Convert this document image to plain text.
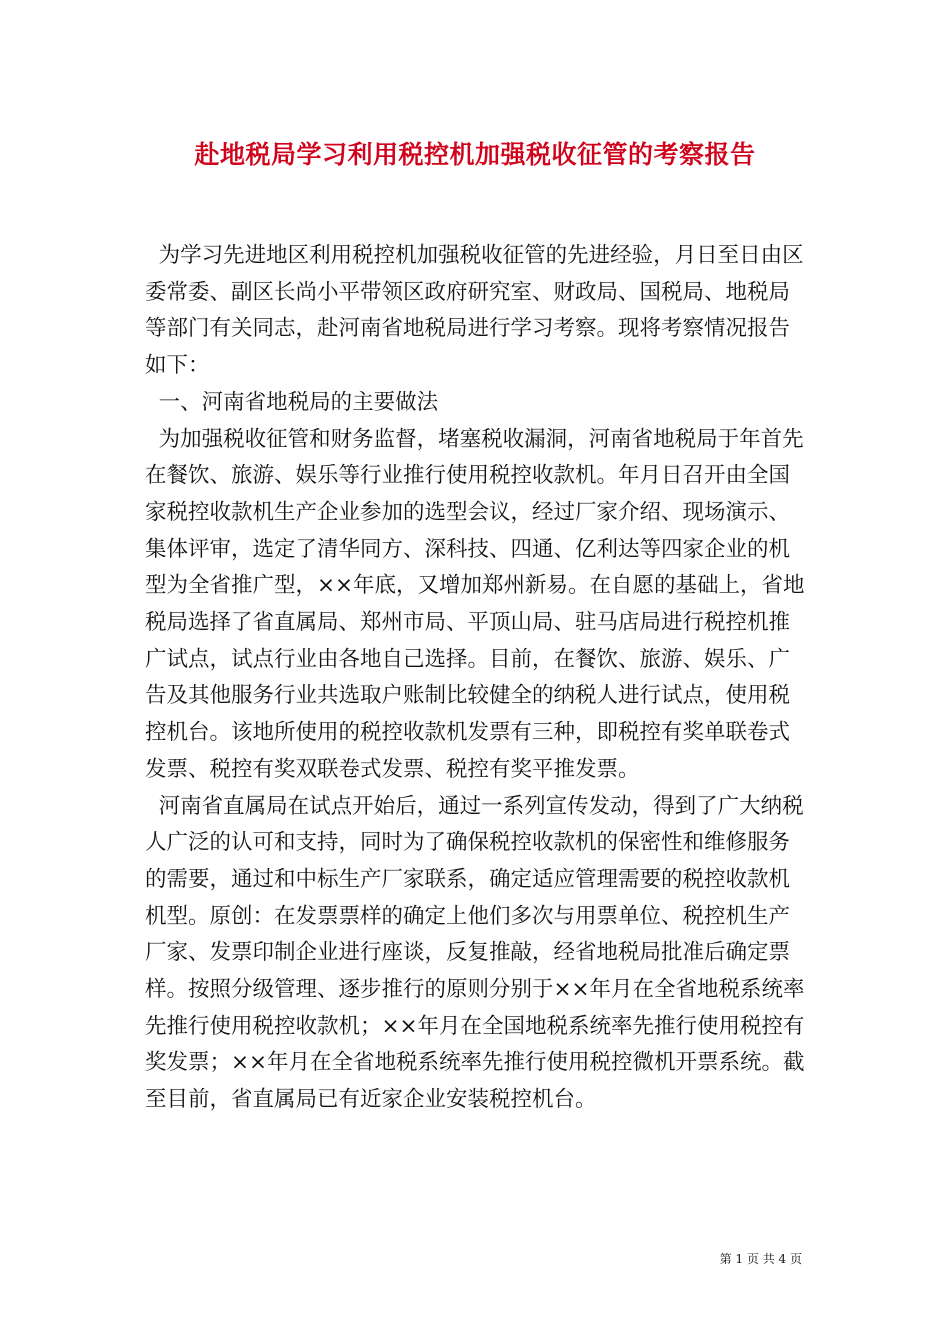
赴地税局学习利用税控机加强税收征管的考察报告

为学习先进地区利用税控机加强税收征管的先进经验，月日至日由区委常委、副区长尚小平带领区政府研究室、财政局、国税局、地税局等部门有关同志，赴河南省地税局进行学习考察。现将考察情况报告如下：

一、河南省地税局的主要做法

为加强税收征管和财务监督，堵塞税收漏洞，河南省地税局于年首先在餐饮、旅游、娱乐等行业推行使用税控收款机。年月日召开由全国家税控收款机生产企业参加的选型会议，经过厂家介绍、现场演示、集体评审，选定了清华同方、深科技、四通、亿利达等四家企业的机型为全省推广型，××年底，又增加郑州新易。在自愿的基础上，省地税局选择了省直属局、郑州市局、平顶山局、驻马店局进行税控机推广试点，试点行业由各地自己选择。目前，在餐饮、旅游、娱乐、广告及其他服务行业共选取户账制比较健全的纳税人进行试点，使用税控机台。该地所使用的税控收款机发票有三种，即税控有奖单联卷式发票、税控有奖双联卷式发票、税控有奖平推发票。

河南省直属局在试点开始后，通过一系列宣传发动，得到了广大纳税人广泛的认可和支持，同时为了确保税控收款机的保密性和维修服务的需要，通过和中标生产厂家联系，确定适应管理需要的税控收款机机型。原创：在发票票样的确定上他们多次与用票单位、税控机生产厂家、发票印制企业进行座谈，反复推敲，经省地税局批准后确定票样。按照分级管理、逐步推行的原则分别于××年月在全省地税系统率先推行使用税控收款机；××年月在全国地税系统率先推行使用税控有奖发票；××年月在全省地税系统率先推行使用税控微机开票系统。截至目前，省直属局已有近家企业安装税控机台。

第 1 页 共 4 页
